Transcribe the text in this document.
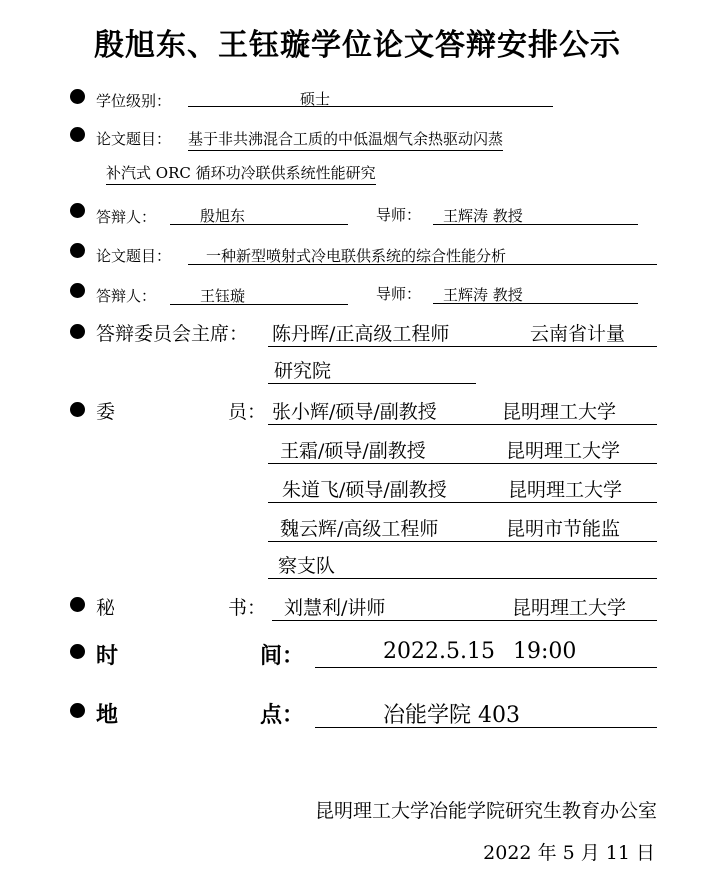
殷旭东、王钰璇学位论文答辩安排公示
学位级别：	硕士
论文题目： 基于非共沸混合工质的中低温烟气余热驱动闪蒸
补汽式 ORC 循环功冷联供系统性能研究
答辩人：	殷旭东	导师： 王辉涛 教授
论文题目： 一种新型喷射式冷电联供系统的综合性能分析
答辩人：	王钰璇	导师： 王辉涛 教授
答辩委员会主席： 陈丹晖/正高级工程师	云南省计量
研究院
委	员： 张小辉/硕导/副教授	昆明理工大学
王霜/硕导/副教授	昆明理工大学
朱道飞/硕导/副教授	昆明理工大学
魏云辉/高级工程师	昆明市节能监
察支队
秘	书： 刘慧利/讲师	昆明理工大学
时	间：	2022.5.15 19:00
地	点：	冶能学院 403
昆明理工大学冶能学院研究生教育办公室
2022 年 5 月 11 日
